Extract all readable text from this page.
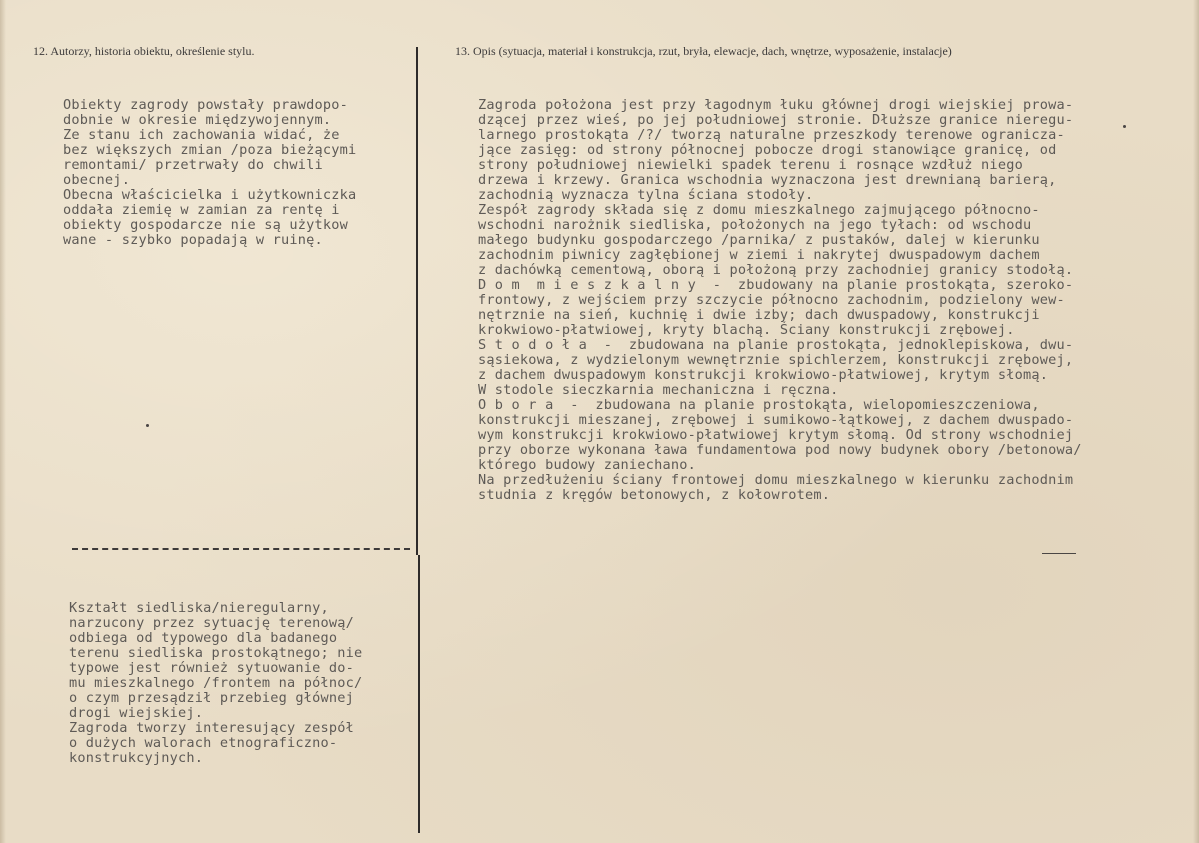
12. Autorzy, historia obiektu, określenie stylu.	13. Opis (sytuacja, materiał i konstrukcja, rzut, bryła, elewacje, dach, wnętrze, wyposażenie, instalacje)
Obiekty zagrody powstały prawdopo-
dobnie w okresie międzywojennym.
Ze stanu ich zachowania widać, że
bez większych zmian /poza bieżącymi
remontami/ przetrwały do chwili
obecnej.
Obecna właścicielka i użytkowniczka
oddała ziemię w zamian za rentę i
obiekty gospodarcze nie są użytkow
wane - szybko popadają w ruinę.
Kształt siedliska/nieregularny,
narzucony przez sytuację terenową/
odbiega od typowego dla badanego
terenu siedliska prostokątnego; nie
typowe jest również sytuowanie do-
mu mieszkalnego /frontem na północ/
o czym przesądził przebieg głównej
drogi wiejskiej.
Zagroda tworzy interesujący zespół
o dużych walorach etnograficzno-
konstrukcyjnych.
Zagroda położona jest przy łagodnym łuku głównej drogi wiejskiej prowa-
dzącej przez wieś, po jej południowej stronie. Dłuższe granice nieregu-
larnego prostokąta /?/ tworzą naturalne przeszkody terenowe ogranicza-
jące zasięg: od strony północnej pobocze drogi stanowiące granicę, od
strony południowej niewielki spadek terenu i rosnące wzdłuż niego
drzewa i krzewy. Granica wschodnia wyznaczona jest drewnianą barierą,
zachodnią wyznacza tylna ściana stodoły.
Zespół zagrody składa się z domu mieszkalnego zajmującego północno-
wschodni narożnik siedliska, położonych na jego tyłach: od wschodu
małego budynku gospodarczego /parnika/ z pustaków, dalej w kierunku
zachodnim piwnicy zagłębionej w ziemi i nakrytej dwuspadowym dachem
z dachówką cementową, oborą i położoną przy zachodniej granicy stodołą.
D o m  m i e s z k a l n y  -  zbudowany na planie prostokąta, szeroko-
frontowy, z wejściem przy szczycie północno zachodnim, podzielony wew-
nętrznie na sień, kuchnię i dwie izby; dach dwuspadowy, konstrukcji
krokwiowo-płatwiowej, kryty blachą. Ściany konstrukcji zrębowej.
S t o d o ł a  -  zbudowana na planie prostokąta, jednoklepiskowa, dwu-
sąsiekowa, z wydzielonym wewnętrznie spichlerzem, konstrukcji zrębowej,
z dachem dwuspadowym konstrukcji krokwiowo-płatwiowej, krytym słomą.
W stodole sieczkarnia mechaniczna i ręczna.
O b o r a  -  zbudowana na planie prostokąta, wielopomieszczeniowa,
konstrukcji mieszanej, zrębowej i sumikowo-łątkowej, z dachem dwuspado-
wym konstrukcji krokwiowo-płatwiowej krytym słomą. Od strony wschodniej
przy oborze wykonana ława fundamentowa pod nowy budynek obory /betonowa/
którego budowy zaniechano.
Na przedłużeniu ściany frontowej domu mieszkalnego w kierunku zachodnim
studnia z kręgów betonowych, z kołowrotem.
